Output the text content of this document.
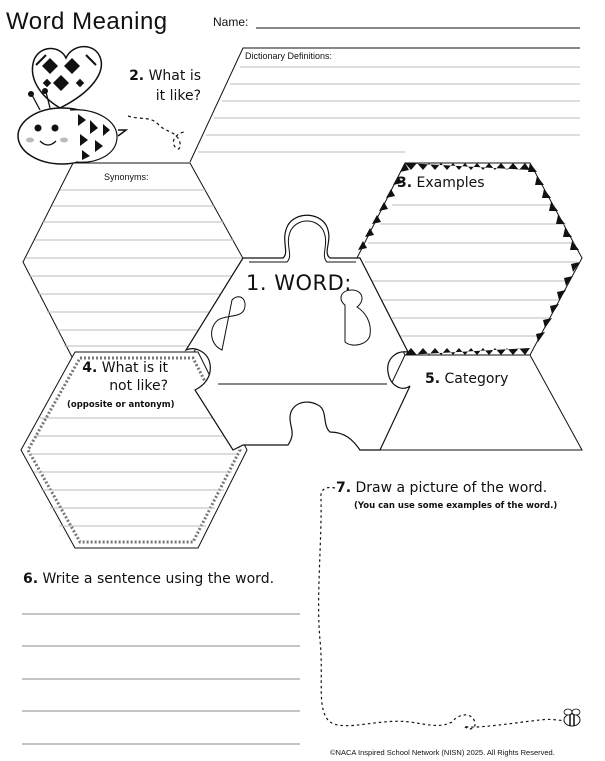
Word Meaning	Name:
Dictionary Definitions:
2. What is it like?
Synonyms:	3. Examples
1. WORD:
4. What is it not like?
(opposite or antonym)
5. Category
7. Draw a picture of the word.
(You can use some examples of the word.)
6. Write a sentence using the word.
©NACA Inspired School Network (NISN) 2025. All Rights Reserved.
